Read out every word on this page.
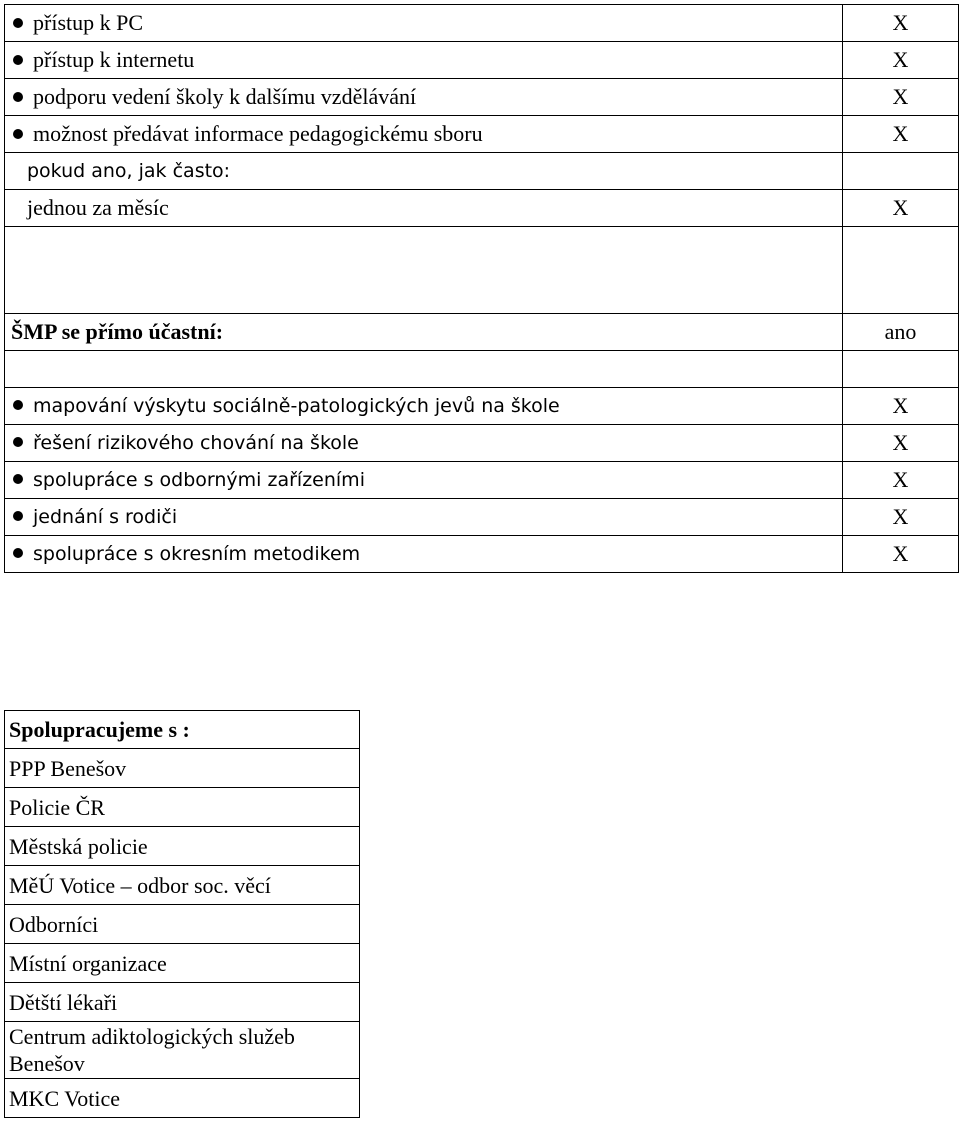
přístup k PC	X
přístup k internetu	X
podporu vedení školy k dalšímu vzdělávání	X
možnost předávat informace pedagogickému sboru	X
pokud ano, jak často:	
jednou za měsíc	X

ŠMP se přímo účastní:	ano

mapování výskytu sociálně-patologických jevů na škole	X
řešení rizikového chování na škole	X
spolupráce s odbornými zařízeními	X
jednání s rodiči	X
spolupráce s okresním metodikem	X
Spolupracujeme s :
PPP Benešov
Policie ČR
Městská policie
MěÚ Votice – odbor soc. věcí
Odborníci
Místní organizace
Dětští lékaři
Centrum adiktologických služeb Benešov
MKC Votice
